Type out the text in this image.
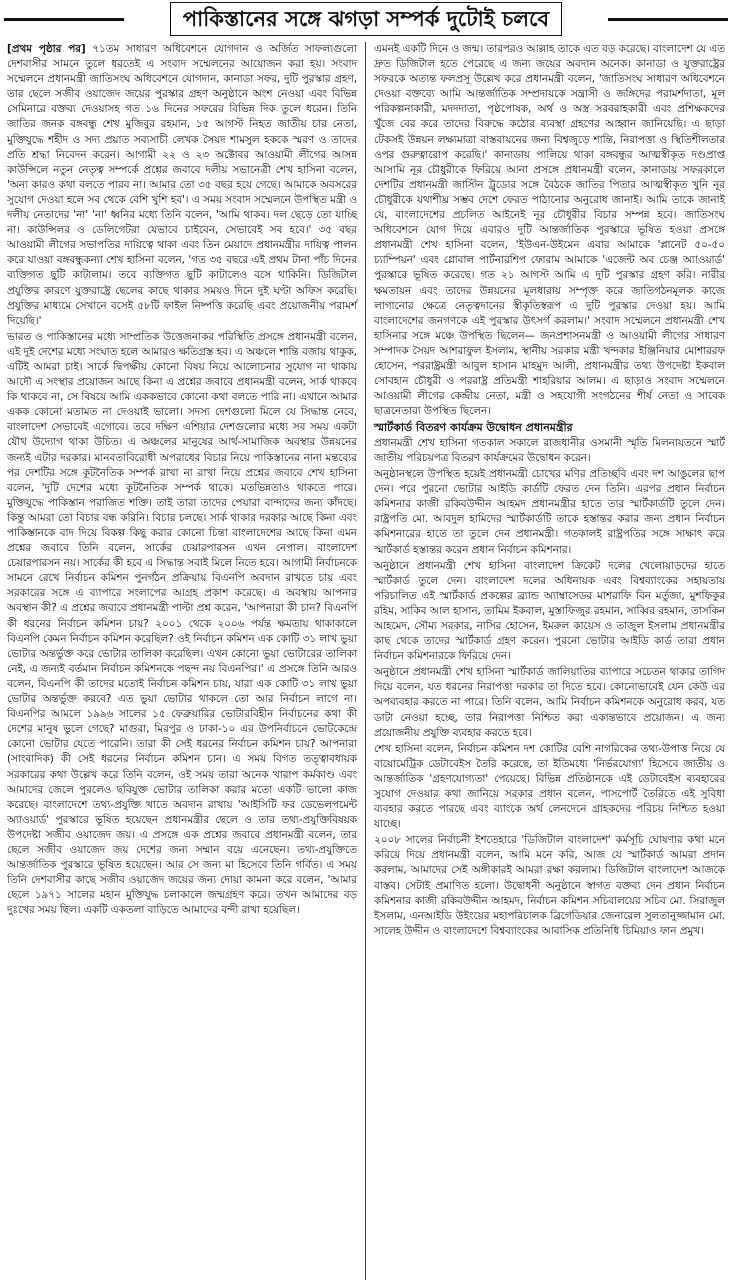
পাকিস্তানের সঙ্গে ঝগড়া সম্পর্ক দুটোই চলবে

[প্রথম পৃষ্ঠার পর] ৭১তম সাধারণ অধিবেশনে যোগদান ও অর্জিত সাফল্যগুলো দেশবাসীর সামনে তুলে ধরতেই এ সংবাদ সম্মেলনের আয়োজন করা হয়। সংবাদ সম্মেলনে প্রধানমন্ত্রী জাতিসংঘ অধিবেশনে যোগদান, কানাডা সফর, দুটি পুরস্কার গ্রহণ, তার ছেলে সজীব ওয়াজেদ জয়ের পুরস্কার গ্রহণ অনুষ্ঠানে অংশ নেওয়া এবং বিভিন্ন সেমিনারে বক্তব্য দেওয়াসহ গত ১৬ দিনের সফরের বিভিন্ন দিক তুলে ধরেন। তিনি জাতির জনক বঙ্গবন্ধু শেখ মুজিবুর রহমান, ১৫ আগস্ট নিহত জাতীয় চার নেতা, মুক্তিযুদ্ধে শহীদ ও সদ্য প্রয়াত সব্যসাচী লেখক সৈয়দ শামসুল হককে স্মরণ ও তাদের প্রতি শ্রদ্ধা নিবেদন করেন। আগামী ২২ ও ২৩ অক্টোবর আওয়ামী লীগের আসন্ন কাউন্সিলে নতুন নেতৃত্ব সম্পর্কে প্রশ্নের জবাবে দলীয় সভানেত্রী শেখ হাসিনা বলেন, 'অন্য কারও কথা বলতে পারব না। আমার তো ৩৫ বছর হয়ে গেছে। আমাকে অবসরের সুযোগ দেওয়া হলে সব থেকে বেশি খুশি হব'। এ সময় সংবাদ সম্মেলনে উপস্থিত মন্ত্রী ও দলীয় নেতাদের 'না' 'না' ধ্বনির মধ্যে তিনি বলেন, 'আমি থাকব। দল ছেড়ে তো যাচ্ছি না। কাউন্সিলর ও ডেলিগেটরা যেভাবে চাইবেন, সেভাবেই সব হবে।' ৩৫ বছর আওয়ামী লীগের সভাপতির দায়িত্বে থাকা এবং তিন মেয়াদে প্রধানমন্ত্রীর দায়িত্ব পালন করে যাওয়া বঙ্গবন্ধুকন্যা শেখ হাসিনা বলেন, 'গত ৩৫ বছরে এই প্রথম টানা পাঁচ দিনের ব্যক্তিগত ছুটি কাটালাম। তবে ব্যক্তিগত ছুটি কাটালেও বসে থাকিনি। ডিজিটাল প্রযুক্তির কারণে যুক্তরাষ্ট্রে ছেলের কাছে থাকার সময়ও দিনে দুই ঘণ্টা অফিস করেছি। প্রযুক্তির মাধ্যমে সেখানে বসেই ৫৮টি ফাইল নিষ্পত্তি করেছি এবং প্রয়োজনীয় পরামর্শ দিয়েছি।'

ভারত ও পাকিস্তানের মধ্যে সাম্প্রতিক উত্তেজনাকর পরিস্থিতি প্রসঙ্গে প্রধানমন্ত্রী বলেন, এই দুই দেশের মধ্যে সংঘাত হলে আমারও ক্ষতিগ্রস্ত হব। এ অঞ্চলে শান্তি বজায় থাকুক, এটিই আমরা চাই। সার্কে দ্বিপক্ষীয় কোনো বিষয় নিয়ে আলোচনার সুযোগ না থাকায় আদৌ এ সংস্থার প্রয়োজন আছে কিনা এ প্রশ্নের জবাবে প্রধানমন্ত্রী বলেন, সার্ক থাকবে কি থাকবে না, সে বিষয়ে আমি এককভাবে কোনো কথা বলতে পারি না। এখানে আমার একক কোনো মতামত না দেওয়াই ভালো। সদস্য দেশগুলো মিলে যে সিদ্ধান্ত নেবে, বাংলাদেশ সেভাবেই এগোবে। তবে দক্ষিণ এশিয়ার দেশগুলোর মধ্যে সব সময় একটা যৌথ উদ্যোগ থাকা উচিত। এ অঞ্চলের মানুষের আর্থ-সামাজিক অবস্থার উন্নয়নের জন্যই এটার দরকার। মানবতাবিরোধী অপরাধের বিচার নিয়ে পাকিস্তানের নানা মন্তব্যের পর দেশটির সঙ্গে কূটনৈতিক সম্পর্ক রাখা না রাখা নিয়ে প্রশ্নের জবাবে শেখ হাসিনা বলেন, 'দুটি দেশের মধ্যে কূটনৈতিক সম্পর্ক থাকে। মতভিন্নতাও থাকতে পারে। মুক্তিযুদ্ধে পাকিস্তান পরাজিত শক্তি। তাই তারা তাদের পেয়ারা বান্দাদের জন্য কাঁদছে। কিন্তু আমরা তো বিচার বন্ধ করিনি। বিচার চলছে। সার্ক থাকার দরকার আছে কিনা এবং পাকিস্তানকে বাদ দিয়ে বিকল্প কিছু করার কোনো চিন্তা বাংলাদেশের আছে কিনা এমন প্রশ্নের জবাবে তিনি বলেন, সার্কের চেয়ারপারসন এখন নেপাল। বাংলাদেশ চেয়ারপারসন নয়। সার্কের কী হবে এ সিদ্ধান্ত সবাই মিলে নিতে হবে। আগামী নির্বাচনকে সামনে রেখে নির্বাচন কমিশন পুনর্গঠন প্রক্রিয়ায় বিএনপি অবদান রাখতে চায় এবং সরকারের সঙ্গে এ ব্যাপারে সংলাপের আগ্রহ প্রকাশ করেছে। এ অবস্থায় আপনার অবস্থান কী? এ প্রশ্নের জবাবে প্রধানমন্ত্রী পাল্টা প্রশ্ন করেন, 'আপনারা কী চান? বিএনপি কী ধরনের নির্বাচন কমিশন চায়? ২০০১ থেকে ২০০৬ পর্যন্ত ক্ষমতায় থাকাকালে বিএনপি কেমন নির্বাচন কমিশন করেছিল? ওই নির্বাচন কমিশন এক কোটি ৩১ লাখ ভুয়া ভোটার অন্তর্ভুক্ত করে ভোটার তালিকা করেছিল। এখন কোনো ভুয়া ভোটারের তালিকা নেই, এ জন্যই বর্তমান নির্বাচন কমিশনকে পছন্দ নয় বিএনপির।' এ প্রসঙ্গে তিনি আরও বলেন, বিএনপি কী তাদের মতোই নির্বাচন কমিশন চায়, যারা এক কোটি ৩১ লাখ ভুয়া ভোটার অন্তর্ভুক্ত করবে? এত ভুয়া ভোটার থাকলে তো আর নির্বাচন লাগে না। বিএনপির আমলে ১৯৯৬ সালের ১৫ ফেব্রুয়ারির ভোটারবিহীন নির্বাচনের কথা কী দেশের মানুষ ভুলে গেছে? মাগুরা, মিরপুর ও ঢাকা-১০ এর উপনির্বাচনে ভোটকেন্দ্রে কোনো ভোটার যেতে পারেনি। তারা কী সেই ধরনের নির্বাচন কমিশন চায়? আপনারা (সাংবাদিক) কী সেই ধরনের নির্বাচন কমিশন চান। এ সময় বিগত তত্ত্বাবধায়ক সরকারের কথা উল্লেখ করে তিনি বলেন, ওই সময় তারা অনেক খারাপ কর্মকাণ্ড এবং আমাদের জেলে পুরলেও ছবিযুক্ত ভোটার তালিকা করার মতো একটি ভালো কাজ করেছে। বাংলাদেশে তথ্য-প্রযুক্তি খাতে অবদান রাখায় 'আইসিটি ফর ডেভেলপমেন্ট অ্যাওয়ার্ড' পুরস্কারে ভূষিত হয়েছেন প্রধানমন্ত্রীর ছেলে ও তার তথ্য-প্রযুক্তিবিষয়ক উপদেষ্টা সজীব ওয়াজেদ জয়। এ প্রসঙ্গে এক প্রশ্নের জবাবে প্রধানমন্ত্রী বলেন, তার ছেলে সজীব ওয়াজেদ জয় দেশের জন্য সম্মান বয়ে এনেছেন। তথ্য-প্রযুক্তিতে আন্তর্জাতিক পুরস্কারে ভূষিত হয়েছেন। আর সে জন্য মা হিসেবে তিনি গর্বিত। এ সময় তিনি দেশবাসীর কাছে সজীব ওয়াজেদ জয়ের জন্য দোয়া কামনা করে বলেন, 'আমার ছেলে ১৯৭১ সালের মহান মুক্তিযুদ্ধ চলাকালে জন্মগ্রহণ করে। তখন আমাদের বড় দুঃখের সময় ছিল। একটি একতলা বাড়িতে আমাদের বন্দী রাখা হয়েছিল।

এমনই একটি দিনে ও জন্ম। তারপরও আল্লাহ তাকে এত বড় করেছে। বাংলাদেশ যে এত দ্রুত ডিজিটাল হতে পেরেছে এ জন্য জয়ের অবদান অনেক। কানাডা ও যুক্তরাষ্ট্রের সফরকে অত্যন্ত ফলপ্রসূ উল্লেখ করে প্রধানমন্ত্রী বলেন, 'জাতিসংঘ সাধারণ অধিবেশনে দেওয়া বক্তব্যে আমি আন্তর্জাতিক সম্প্রদায়কে সন্ত্রাসী ও জঙ্গিদের পরামর্শদাতা, মূল পরিকল্পনাকারী, মদদদাতা, পৃষ্ঠপোষক, অর্থ ও অস্ত্র সরবরাহকারী এবং প্রশিক্ষকদের খুঁজে বের করে তাদের বিরুদ্ধে কঠোর ব্যবস্থা গ্রহণের আহ্বান জানিয়েছি। এ ছাড়া টেকসই উন্নয়ন লক্ষ্যমাত্রা বাস্তবায়নের জন্য বিশ্বজুড়ে শান্তি, নিরাপত্তা ও স্থিতিশীলতার ওপর গুরুত্বারোপ করেছি।' কানাডায় পালিয়ে থাকা বঙ্গবন্ধুর আত্মস্বীকৃত দণ্ডপ্রাপ্ত আসামি নূর চৌধুরীকে ফিরিয়ে আনা প্রসঙ্গে প্রধানমন্ত্রী বলেন, কানাডায় সফরকালে দেশটির প্রধানমন্ত্রী জাস্টিন ট্রুডোর সঙ্গে বৈঠকে জাতির পিতার আত্মস্বীকৃত খুনি নূর চৌধুরীকে যথাশীঘ্র সম্ভব দেশে ফেরত পাঠানোর অনুরোধ জানাই। আমি তাকে জানাই যে, বাংলাদেশের প্রচলিত আইনেই নূর চৌধুরীর বিচার সম্পন্ন হবে। জাতিসংঘ অধিবেশনে যোগ দিয়ে এবারও দুটি আন্তর্জাতিক পুরস্কারে ভূষিত হওয়া প্রসঙ্গে প্রধানমন্ত্রী শেখ হাসিনা বলেন, 'ইউএন-উইমেন এবার আমাকে 'প্লানেট ৫০-৫০ চ্যাম্পিয়ন' এবং গ্লোবাল পার্টনারশিপ ফোরাম আমাকে 'এজেন্ট অব চেঞ্জ অ্যাওয়ার্ড' পুরস্কারে ভূষিত করেছে। গত ২১ আগস্ট আমি এ দুটি পুরস্কার গ্রহণ করি। নারীর ক্ষমতায়ন এবং তাদের উন্নয়নের মূলধারায় সম্পৃক্ত করে জাতিগঠনমূলক কাজে লাগানোর ক্ষেত্রে নেতৃত্বদানের স্বীকৃতিস্বরূপ এ দুটি পুরস্কার দেওয়া হয়। আমি বাংলাদেশের জনগণকে এই পুরস্কার উৎসর্গ করলাম।' সংবাদ সম্মেলনে প্রধানমন্ত্রী শেখ হাসিনার সঙ্গে মঞ্চে উপস্থিত ছিলেন— জনপ্রশাসনমন্ত্রী ও আওয়ামী লীগের সাধারণ সম্পাদক সৈয়দ আশরাফুল ইসলাম, স্থানীয় সরকার মন্ত্রী খন্দকার ইঞ্জিনিয়ার মোশাররফ হোসেন, পররাষ্ট্রমন্ত্রী আবুল হাসান মাহমুদ আলী, প্রধানমন্ত্রীর তথ্য উপদেষ্টা ইকবাল সোবহান চৌধুরী ও পররাষ্ট্র প্রতিমন্ত্রী শাহরিয়ার আলম। এ ছাড়াও সংবাদ সম্মেলনে আওয়ামী লীগের কেন্দ্রীয় নেতা, মন্ত্রী ও সহযোগী সংগঠনের শীর্ষ নেতা ও সাবেক ছাত্রনেতারা উপস্থিত ছিলেন।

স্মার্টকার্ড বিতরণ কার্যক্রম উদ্বোধন প্রধানমন্ত্রীর

প্রধানমন্ত্রী শেখ হাসিনা গতকাল সকালে রাজধানীর ওসমানী স্মৃতি মিলনায়তনে স্মার্ট জাতীয় পরিচয়পত্র বিতরণ কার্যক্রমের উদ্বোধন করেন।

অনুষ্ঠানস্থলে উপস্থিত হয়েই প্রধানমন্ত্রী চোখের মণির প্রতিচ্ছবি এবং দশ আঙুলের ছাপ দেন। পরে পুরনো ভোটার আইডি কার্ডটি ফেরত দেন তিনি। এরপর প্রধান নির্বাচন কমিশনার কাজী রকিবউদ্দীন আহমদ প্রধানমন্ত্রীর হাতে তার স্মার্টকার্ডটি তুলে দেন। রাষ্ট্রপতি মো. আবদুল হামিদের স্মার্টকার্ডটি তাকে হস্তান্তর করার জন্য প্রধান নির্বাচন কমিশনারের হাতে তা তুলে দেন প্রধানমন্ত্রী। গতকালই রাষ্ট্রপতির সঙ্গে সাক্ষাৎ করে স্মার্টকার্ড হস্তান্তর করেন প্রধান নির্বাচন কমিশনার।

অনুষ্ঠানে প্রধানমন্ত্রী শেখ হাসিনা বাংলাদেশ ক্রিকেট দলের খেলোয়াড়দের হাতে স্মার্টকার্ড তুলে দেন। বাংলাদেশ দলের অধিনায়ক এবং বিশ্বব্যাংকের সহায়তায় পরিচালিত এই স্মার্টকার্ড প্রকল্পের ব্র্যান্ড অ্যাম্বাসেডর মাশরাফি বিন মর্তুজা, মুশফিকুর রহিম, সাকিব আল হাসান, তামিম ইকবাল, মুস্তাফিজুর রহমান, সাব্বির রহমান, তাসকিন আহমেদ, সৌম্য সরকার, নাসির হোসেন, ইমরুল কায়েস ও তাজুল ইসলাম প্রধানমন্ত্রীর কাছ থেকে তাদের স্মার্টকার্ড গ্রহণ করেন। পুরনো ভোটার আইডি কার্ড তারা প্রধান নির্বাচন কমিশনারকে ফিরিয়ে দেন।

অনুষ্ঠানে প্রধানমন্ত্রী শেখ হাসিনা স্মার্টকার্ড জালিয়াতির ব্যাপারে সচেতন থাকার তাগিদ দিয়ে বলেন, যত ধরনের নিরাপত্তা দরকার তা দিতে হবে। কোনোভাবেই যেন কেউ এর অপব্যবহার করতে না পারে। তিনি বলেন, আমি নির্বাচন কমিশনকে অনুরোধ করব, যত ডাটা নেওয়া হচ্ছে, তার নিরাপত্তা নিশ্চিত করা একান্তভাবে প্রয়োজন। এ জন্য প্রয়োজনীয় প্রযুক্তি ব্যবহার করতে হবে।

শেখ হাসিনা বলেন, নির্বাচন কমিশন দশ কোটির বেশি নাগরিকের তথ্য-উপাত্ত নিয়ে যে বায়োমেট্রিক ডেটাবেইস তৈরি করেছে, তা ইতিমধ্যে 'নির্ভরযোগ্য' হিসেবে জাতীয় ও আন্তর্জাতিক 'গ্রহণযোগ্যতা' পেয়েছে। বিভিন্ন প্রতিষ্ঠানকে এই ডেটাবেইস ব্যবহারের সুযোগ দেওয়ার কথা জানিয়ে সরকার প্রধান বলেন, পাসপোর্ট তৈরিতে এই সুবিধা ব্যবহার করতে পারছে এবং ব্যাংকে অর্থ লেনদেনে গ্রাহকদের পরিচয় নিশ্চিত হওয়া যাচ্ছে।

২০০৮ সালের নির্বাচনী ইশতেহারে 'ডিজিটাল বাংলাদেশ' কর্মসূচি ঘোষণার কথা মনে করিয়ে দিয়ে প্রধানমন্ত্রী বলেন, আমি মনে করি, আজ যে স্মার্টকার্ড আমরা প্রদান করলাম, আমাদের সেই অঙ্গীকারই আমরা রক্ষা করলাম। ডিজিটাল বাংলাদেশ আজকে বাস্তব। সেটাই প্রমাণিত হলো। উদ্বোধনী অনুষ্ঠানে স্বাগত বক্তব্য দেন প্রধান নির্বাচন কমিশনার কাজী রকিবউদ্দীন আহমদ, নির্বাচন কমিশন সচিবালয়ের সচিব মো. সিরাজুল ইসলাম, এনআইডি উইংয়ের মহাপরিচালক ব্রিগেডিয়ার জেনারেল সুলতানুজ্জামান মো. সালেহ উদ্দীন ও বাংলাদেশে বিশ্বব্যাংকের আবাসিক প্রতিনিধি চিমিয়াও ফান প্রমুখ।
